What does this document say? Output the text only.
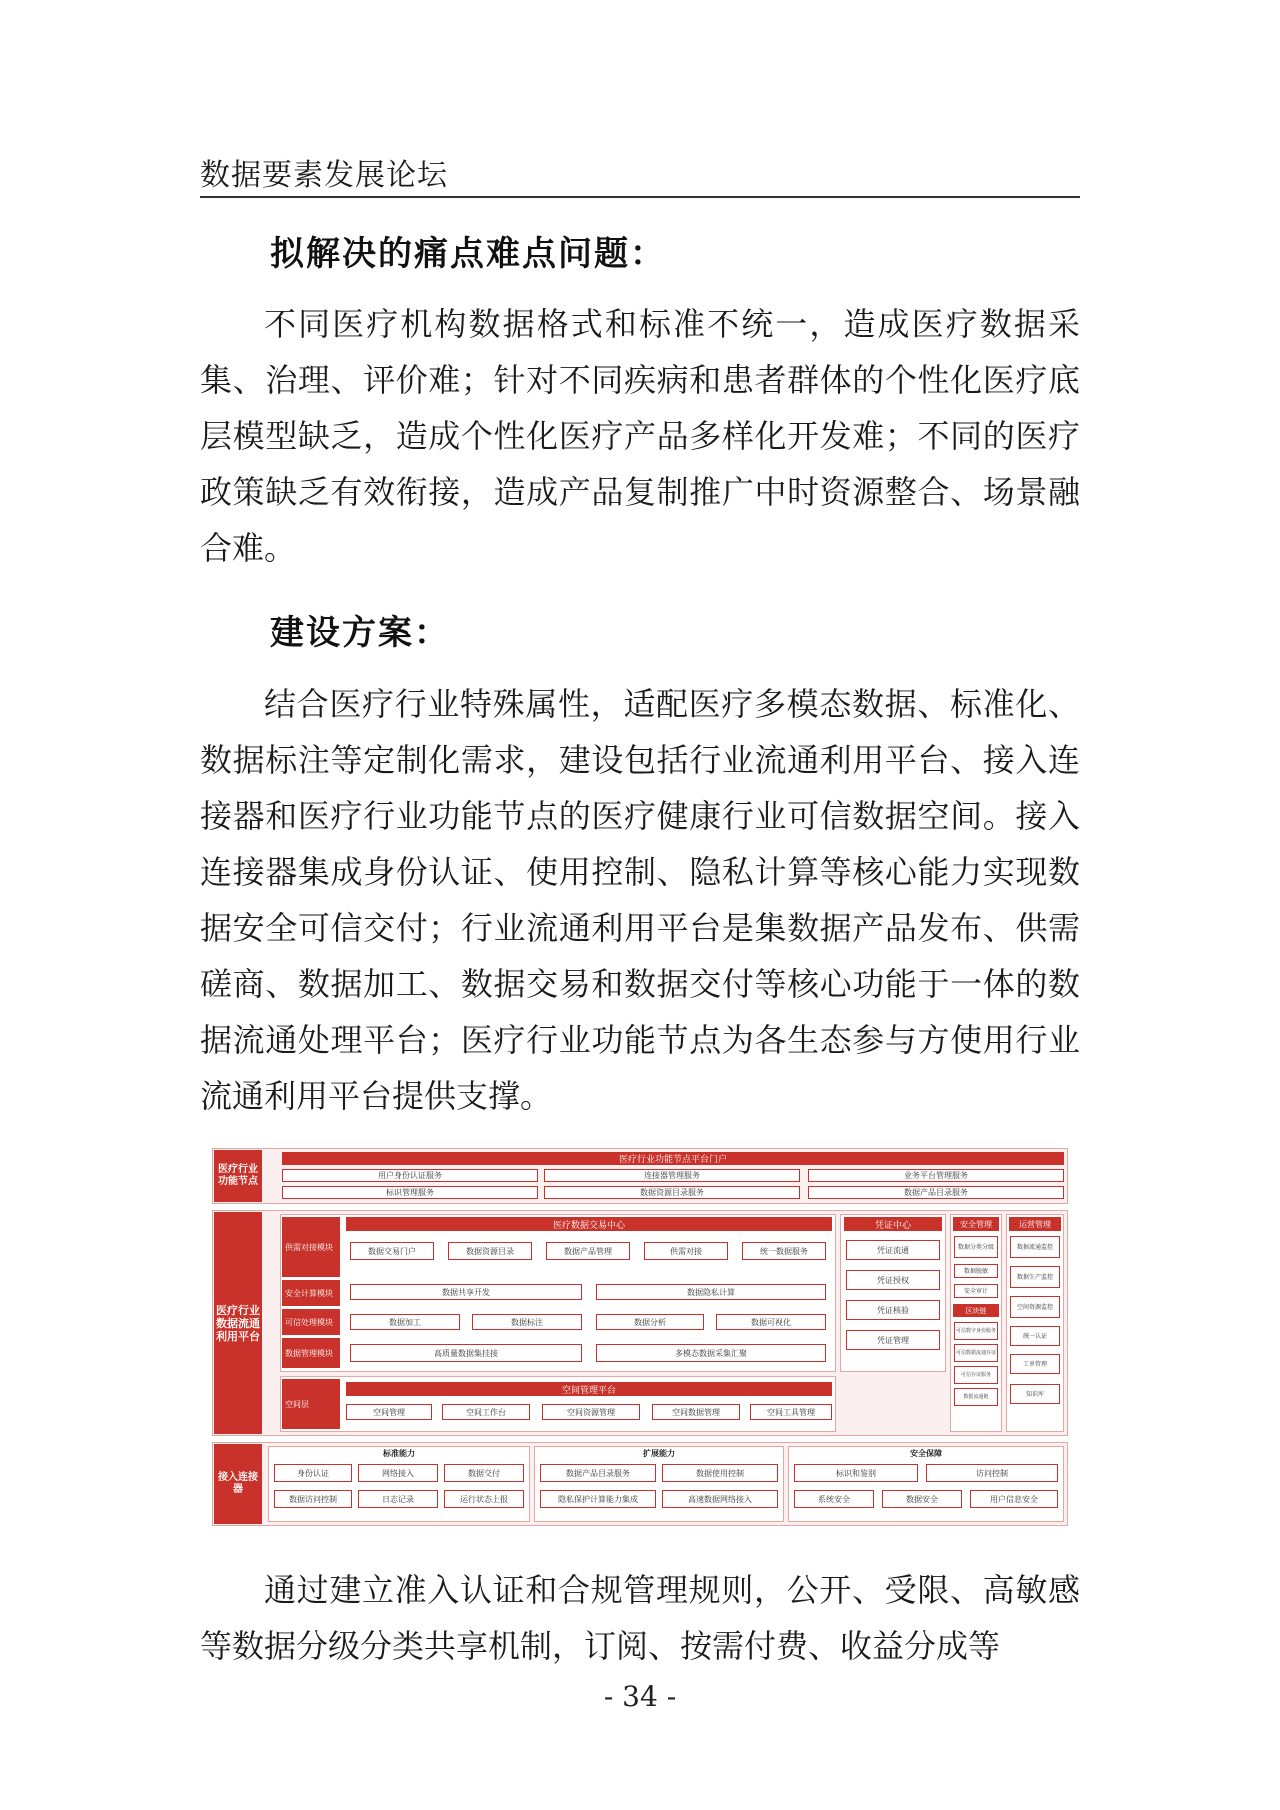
数据要素发展论坛
拟解决的痛点难点问题：
不同医疗机构数据格式和标准不统一，造成医疗数据采集、治理、评价难；针对不同疾病和患者群体的个性化医疗底层模型缺乏，造成个性化医疗产品多样化开发难；不同的医疗政策缺乏有效衔接，造成产品复制推广中时资源整合、场景融合难。
建设方案：
结合医疗行业特殊属性，适配医疗多模态数据、标准化、数据标注等定制化需求，建设包括行业流通利用平台、接入连接器和医疗行业功能节点的医疗健康行业可信数据空间。接入连接器集成身份认证、使用控制、隐私计算等核心能力实现数据安全可信交付；行业流通利用平台是集数据产品发布、供需磋商、数据加工、数据交易和数据交付等核心功能于一体的数据流通处理平台；医疗行业功能节点为各生态参与方使用行业流通利用平台提供支撑。
医疗行业功能节点
医疗行业功能节点平台门户
用户身份认证服务	连接器管理服务	业务平台管理服务
标识管理服务	数据资源目录服务	数据产品目录服务
医疗行业数据流通利用平台
医疗数据交易中心
供需对接模块	数据交易门户	数据资源目录	数据产品管理	供需对接	统一数据服务
安全计算模块	数据共享开发	数据隐私计算
可信处理模块	数据加工	数据标注	数据分析	数据可视化
数据管理模块	高质量数据集挂接	多模态数据采集汇聚
空间层
空间管理平台
空间管理	空间工作台	空间资源管理	空间数据管理	空间工具管理
凭证中心
凭证流通
凭证授权
凭证核验
凭证管理
安全管理
数据分类分级
数据脱敏
安全审计
区块链
可信数字身份服务
可信数据流通存证
可信存证服务
数据流通链
运营管理
数据流通监控
数据生产监控
空间资源监控
统一认证
工单管理
知识库
接入连接器
标准能力
身份认证	网络接入	数据交付
数据访问控制	日志记录	运行状态上报
扩展能力
数据产品目录服务	数据使用控制
隐私保护计算能力集成	高速数据网络接入
安全保障
标识和鉴别	访问控制
系统安全	数据安全	用户信息安全
通过建立准入认证和合规管理规则，公开、受限、高敏感等数据分级分类共享机制，订阅、按需付费、收益分成等
- 34 -
